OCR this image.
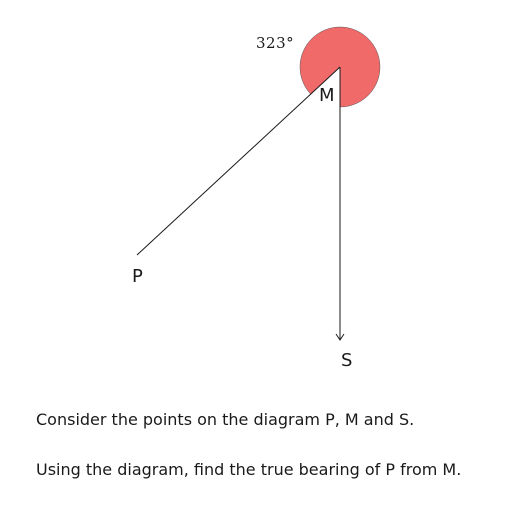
323°
M
P
S

Consider the points on the diagram P, M and S.

Using the diagram, find the true bearing of P from M.
